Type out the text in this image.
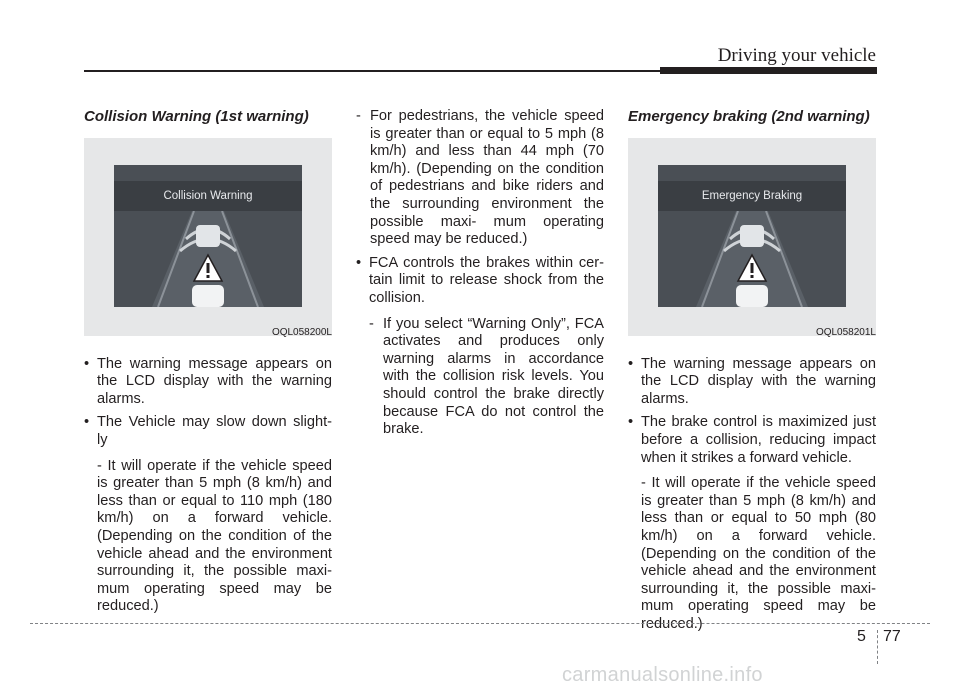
Driving your vehicle
Collision Warning (1st warning)
Collision Warning
OQL058200L
• The warning message appears on the LCD display with the warning alarms.
• The Vehicle may slow down slight- ly
- It will operate if the vehicle speed is greater than 5 mph (8 km/h) and less than or equal to 110 mph (180 km/h) on a forward vehicle. (Depending on the condition of the vehicle ahead and the environment surrounding it, the possible maxi- mum operating speed may be reduced.)
- For pedestrians, the vehicle speed is greater than or equal to 5 mph (8 km/h) and less than 44 mph (70 km/h). (Depending on the condition of pedestrians and bike riders and the surrounding environment the possible maxi- mum operating speed may be reduced.)
• FCA controls the brakes within cer- tain limit to release shock from the collision.
- If you select “Warning Only”, FCA activates and produces only warning alarms in accordance with the collision risk levels. You should control the brake directly because FCA do not control the brake.
Emergency braking (2nd warning)
Emergency Braking
OQL058201L
• The warning message appears on the LCD display with the warning alarms.
• The brake control is maximized just before a collision, reducing impact when it strikes a forward vehicle.
- It will operate if the vehicle speed is greater than 5 mph (8 km/h) and less than or equal to 50 mph (80 km/h) on a forward vehicle. (Depending on the condition of the vehicle ahead and the environment surrounding it, the possible maxi- mum operating speed may be reduced.)
5 77
carmanualsonline.info
